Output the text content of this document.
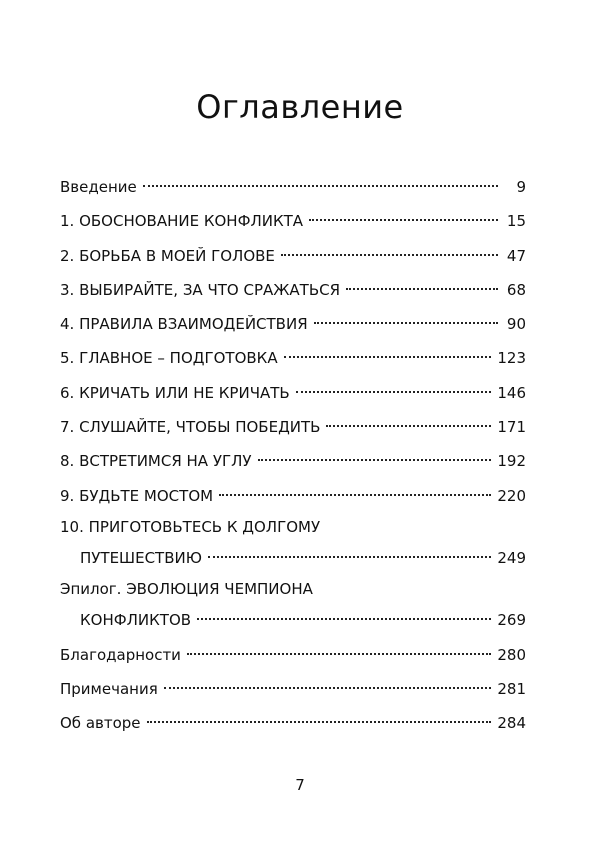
Оглавление
Введение	9
1. ОБОСНОВАНИЕ КОНФЛИКТА	15
2. БОРЬБА В МОЕЙ ГОЛОВЕ	47
3. ВЫБИРАЙТЕ, ЗА ЧТО СРАЖАТЬСЯ	68
4. ПРАВИЛА ВЗАИМОДЕЙСТВИЯ	90
5. ГЛАВНОЕ – ПОДГОТОВКА	123
6. КРИЧАТЬ ИЛИ НЕ КРИЧАТЬ	146
7. СЛУШАЙТЕ, ЧТОБЫ ПОБЕДИТЬ	171
8. ВСТРЕТИМСЯ НА УГЛУ	192
9. БУДЬТЕ МОСТОМ	220
10. ПРИГОТОВЬТЕСЬ К ДОЛГОМУ
ПУТЕШЕСТВИЮ	249
Эпилог. ЭВОЛЮЦИЯ ЧЕМПИОНА
КОНФЛИКТОВ	269
Благодарности	280
Примечания	281
Об авторе	284
7
